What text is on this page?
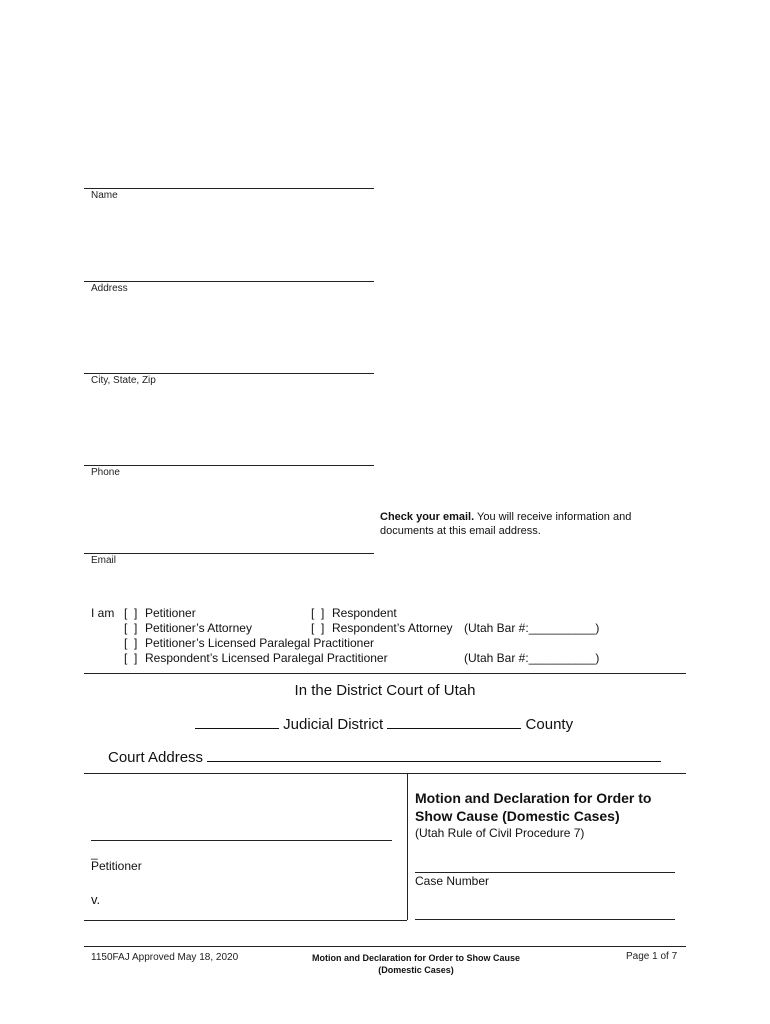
Name
Address
City, State, Zip
Phone
Email
Check your email. You will receive information and
documents at this email address.
I am [  ] Petitioner	[  ] Respondent
[  ] Petitioner’s Attorney	[  ] Respondent’s Attorney (Utah Bar #:__________)
[  ] Petitioner’s Licensed Paralegal Practitioner
[  ] Respondent’s Licensed Paralegal Practitioner	(Utah Bar #:__________)
In the District Court of Utah
Judicial District	County
Court Address
_
Petitioner
v.
Motion and Declaration for Order to
Show Cause (Domestic Cases)
(Utah Rule of Civil Procedure 7)
Case Number
1150FAJ Approved May 18, 2020	Motion and Declaration for Order to Show Cause
(Domestic Cases)
Page 1 of 7
